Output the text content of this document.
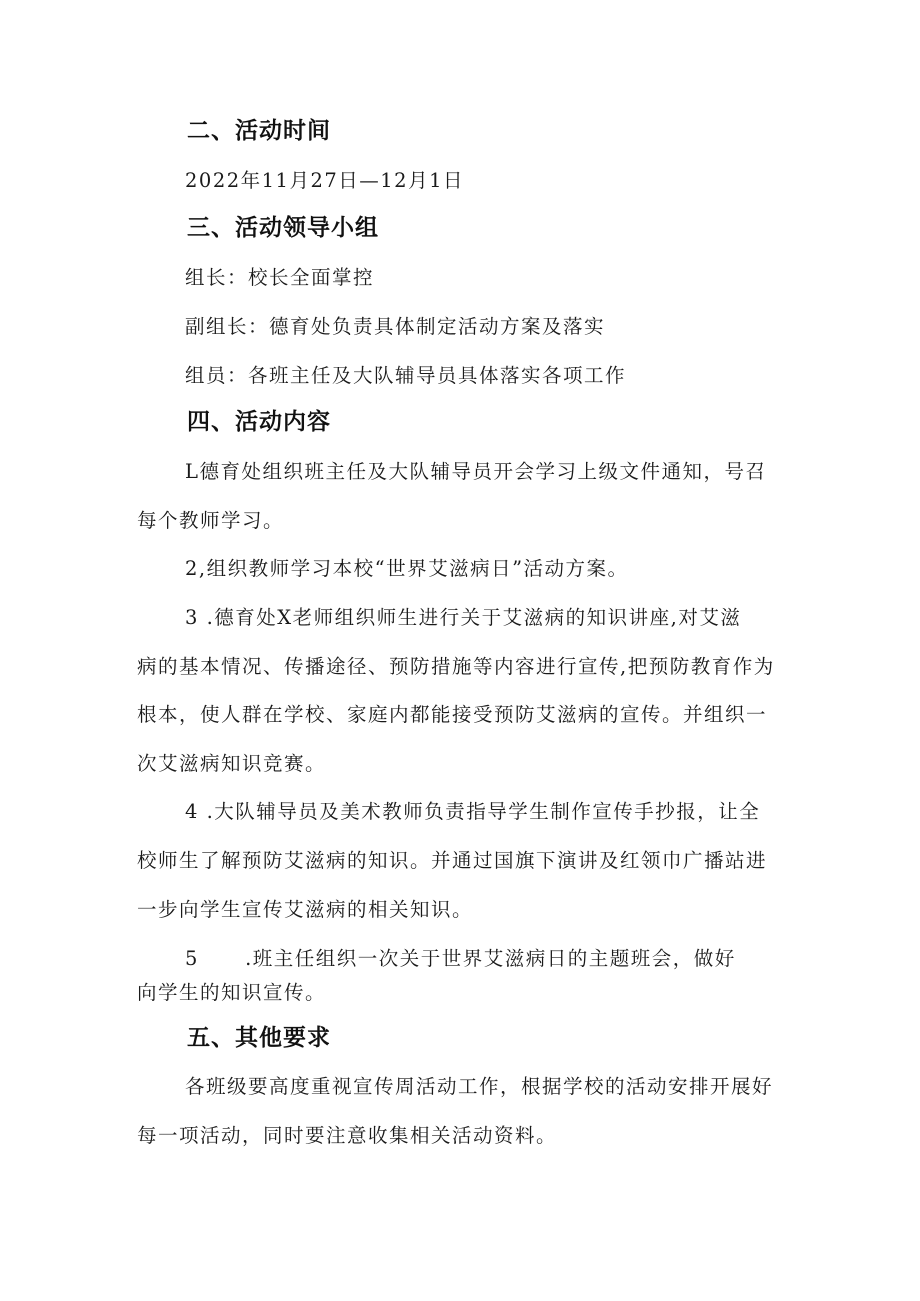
二、活动时间
2022年11月27日—12月1日
三、活动领导小组
组长：校长全面掌控
副组长：德育处负责具体制定活动方案及落实
组员：各班主任及大队辅导员具体落实各项工作
四、活动内容
L德育处组织班主任及大队辅导员开会学习上级文件通知，号召
每个教师学习。
2,组织教师学习本校“世界艾滋病日”活动方案。
3 .德育处X老师组织师生进行关于艾滋病的知识讲座,对艾滋
病的基本情况、传播途径、预防措施等内容进行宣传,把预防教育作为
根本，使人群在学校、家庭内都能接受预防艾滋病的宣传。并组织一
次艾滋病知识竞赛。
4 .大队辅导员及美术教师负责指导学生制作宣传手抄报，让全
校师生了解预防艾滋病的知识。并通过国旗下演讲及红领巾广播站进
一步向学生宣传艾滋病的相关知识。
5      .班主任组织一次关于世界艾滋病日的主题班会，做好
向学生的知识宣传。
五、其他要求
各班级要高度重视宣传周活动工作，根据学校的活动安排开展好
每一项活动，同时要注意收集相关活动资料。
